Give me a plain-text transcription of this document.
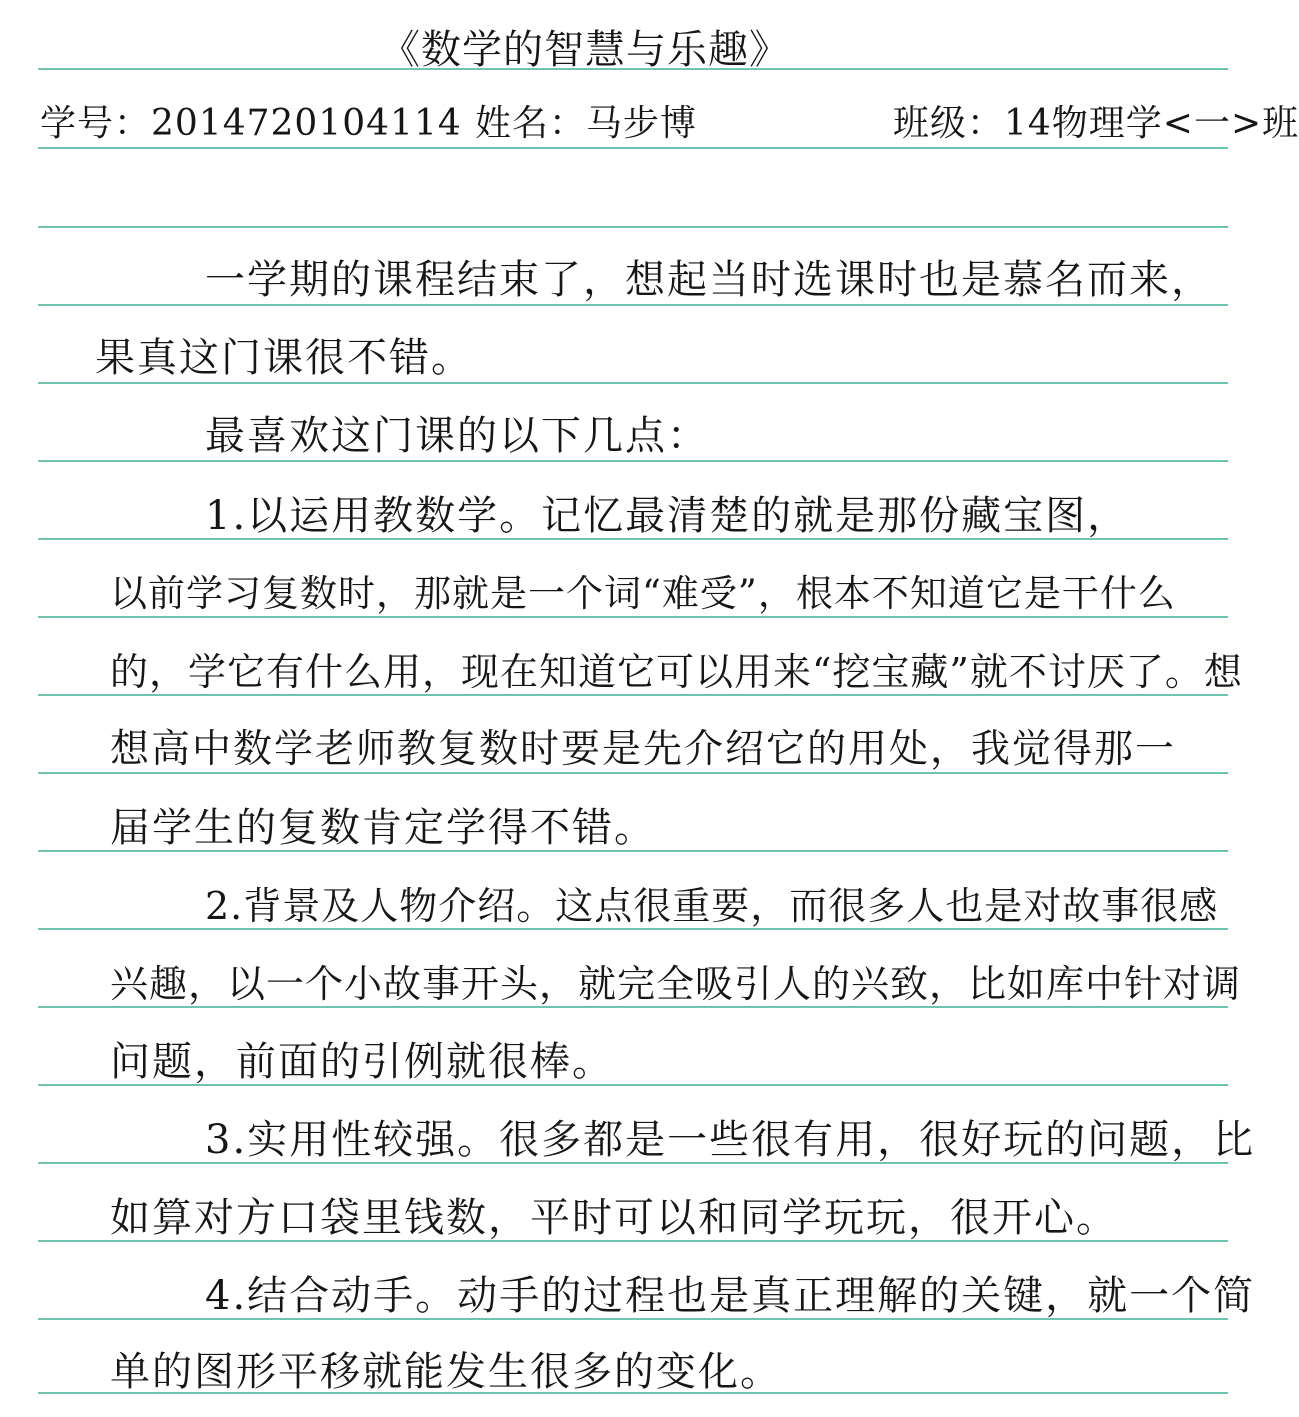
《数学的智慧与乐趣》
学号：2014720104114 姓名：马步博	班级：14物理学<一>班
一学期的课程结束了，想起当时选课时也是慕名而来，
果真这门课很不错。
最喜欢这门课的以下几点：
1.以运用教数学。记忆最清楚的就是那份藏宝图，
以前学习复数时，那就是一个词“难受”，根本不知道它是干什么
的，学它有什么用，现在知道它可以用来“挖宝藏”就不讨厌了。想
想高中数学老师教复数时要是先介绍它的用处，我觉得那一
届学生的复数肯定学得不错。
2.背景及人物介绍。这点很重要，而很多人也是对故事很感
兴趣，以一个小故事开头，就完全吸引人的兴致，比如库中针对调
问题，前面的引例就很棒。
3.实用性较强。很多都是一些很有用，很好玩的问题，比
如算对方口袋里钱数，平时可以和同学玩玩，很开心。
4.结合动手。动手的过程也是真正理解的关键，就一个简
单的图形平移就能发生很多的变化。
